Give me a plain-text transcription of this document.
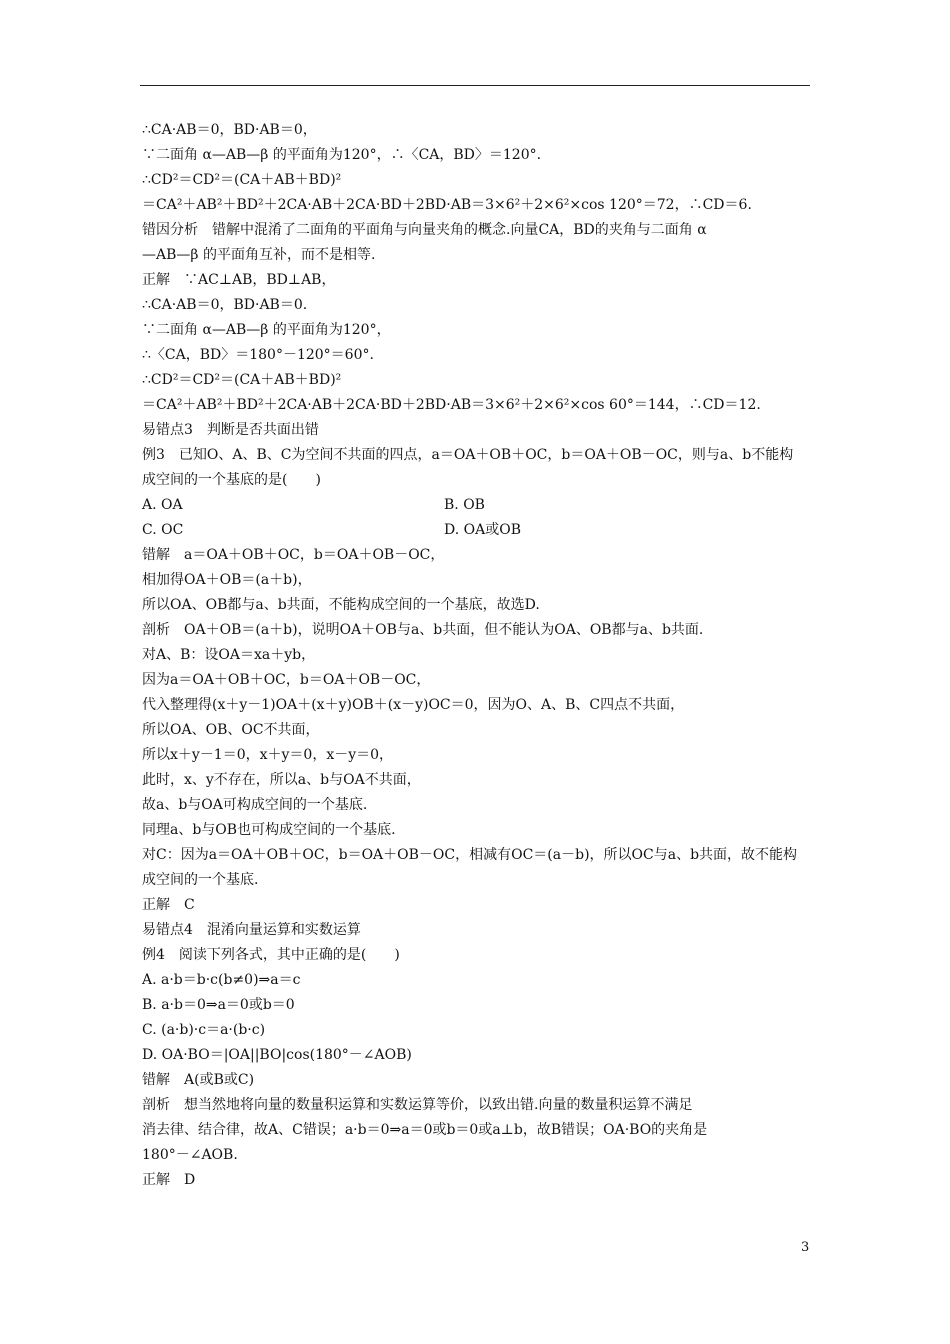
∴CA·AB＝0，BD·AB＝0，
∵二面角 α—AB—β 的平面角为120°，∴〈CA，BD〉＝120°.
∴CD²＝CD²＝(CA＋AB＋BD)²
＝CA²＋AB²＋BD²＋2CA·AB＋2CA·BD＋2BD·AB＝3×6²＋2×6²×cos 120°＝72，∴CD＝6.
错因分析　错解中混淆了二面角的平面角与向量夹角的概念.向量CA，BD的夹角与二面角 α
—AB—β 的平面角互补，而不是相等.
正解　∵AC⊥AB，BD⊥AB，
∴CA·AB＝0，BD·AB＝0.
∵二面角 α—AB—β 的平面角为120°，
∴〈CA，BD〉＝180°－120°＝60°.
∴CD²＝CD²＝(CA＋AB＋BD)²
＝CA²＋AB²＋BD²＋2CA·AB＋2CA·BD＋2BD·AB＝3×6²＋2×6²×cos 60°＝144，∴CD＝12.
易错点3　判断是否共面出错
例3　已知O、A、B、C为空间不共面的四点，a＝OA＋OB＋OC，b＝OA＋OB－OC，则与a、b不能构
成空间的一个基底的是(　　)
A. OA	B. OB
C. OC	D. OA或OB
错解　a＝OA＋OB＋OC，b＝OA＋OB－OC，
相加得OA＋OB＝(a＋b)，
所以OA、OB都与a、b共面，不能构成空间的一个基底，故选D.
剖析　OA＋OB＝(a＋b)，说明OA＋OB与a、b共面，但不能认为OA、OB都与a、b共面.
对A、B：设OA＝xa＋yb，
因为a＝OA＋OB＋OC，b＝OA＋OB－OC，
代入整理得(x＋y－1)OA＋(x＋y)OB＋(x－y)OC＝0，因为O、A、B、C四点不共面，
所以OA、OB、OC不共面，
所以x＋y－1＝0，x＋y＝0，x－y＝0，
此时，x、y不存在，所以a、b与OA不共面，
故a、b与OA可构成空间的一个基底.
同理a、b与OB也可构成空间的一个基底.
对C：因为a＝OA＋OB＋OC，b＝OA＋OB－OC，相减有OC＝(a－b)，所以OC与a、b共面，故不能构
成空间的一个基底.
正解　C
易错点4　混淆向量运算和实数运算
例4　阅读下列各式，其中正确的是(　　)
A. a·b＝b·c(b≠0)⇒a＝c
B. a·b＝0⇒a＝0或b＝0
C. (a·b)·c＝a·(b·c)
D. OA·BO＝|OA||BO|cos(180°－∠AOB)
错解　A(或B或C)
剖析　想当然地将向量的数量积运算和实数运算等价，以致出错.向量的数量积运算不满足
消去律、结合律，故A、C错误；a·b＝0⇒a＝0或b＝0或a⊥b，故B错误；OA·BO的夹角是
180°－∠AOB.
正解　D
3
